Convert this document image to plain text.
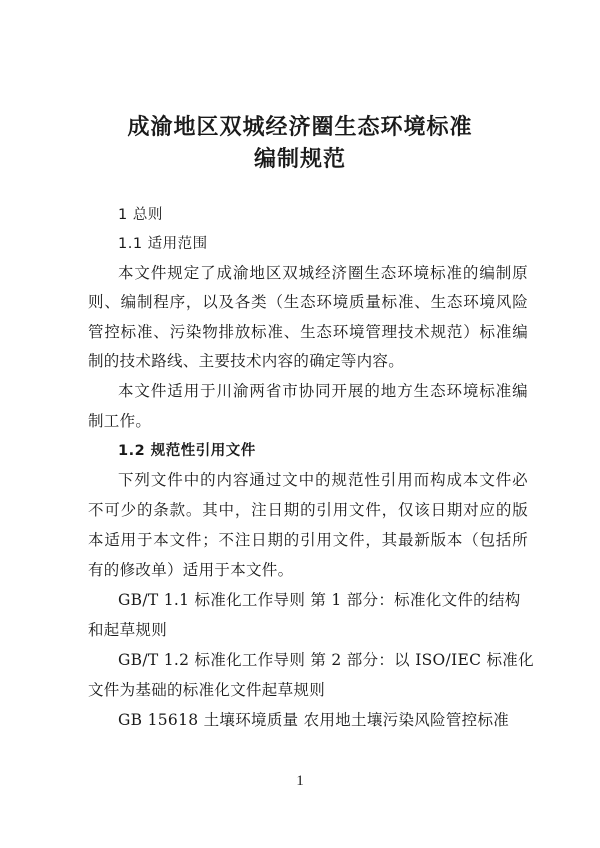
成渝地区双城经济圈生态环境标准
编制规范
1 总则
1.1 适用范围
本文件规定了成渝地区双城经济圈生态环境标准的编制原
则、编制程序，以及各类（生态环境质量标准、生态环境风险
管控标准、污染物排放标准、生态环境管理技术规范）标准编
制的技术路线、主要技术内容的确定等内容。
本文件适用于川渝两省市协同开展的地方生态环境标准编
制工作。
1.2 规范性引用文件
下列文件中的内容通过文中的规范性引用而构成本文件必
不可少的条款。其中，注日期的引用文件，仅该日期对应的版
本适用于本文件；不注日期的引用文件，其最新版本（包括所
有的修改单）适用于本文件。
GB/T 1.1 标准化工作导则 第 1 部分：标准化文件的结构
和起草规则
GB/T 1.2 标准化工作导则 第 2 部分：以 ISO/IEC 标准化
文件为基础的标准化文件起草规则
GB 15618 土壤环境质量 农用地土壤污染风险管控标准
1
